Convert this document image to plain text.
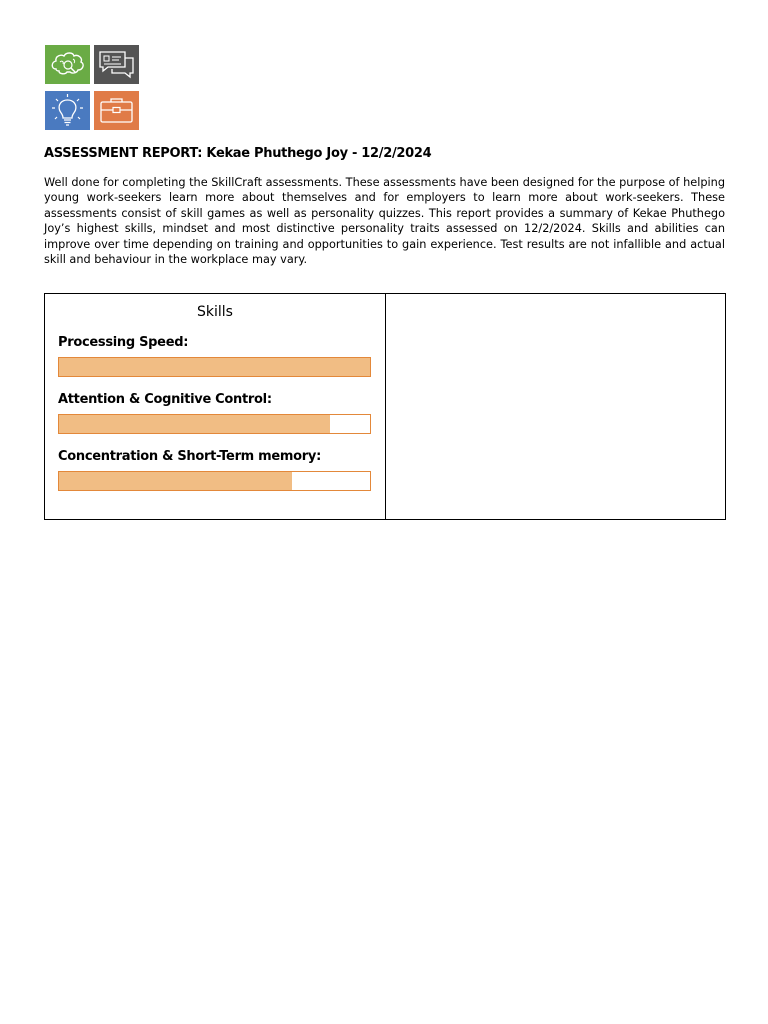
ASSESSMENT REPORT: Kekae Phuthego Joy - 12/2/2024

Well done for completing the SkillCraft assessments. These assessments have been designed for the purpose of helping young work-seekers learn more about themselves and for employers to learn more about work-seekers. These assessments consist of skill games as well as personality quizzes. This report provides a summary of Kekae Phuthego Joy’s highest skills, mindset and most distinctive personality traits assessed on 12/2/2024. Skills and abilities can improve over time depending on training and opportunities to gain experience. Test results are not infallible and actual skill and behaviour in the workplace may vary.

Skills
Processing Speed:
Attention & Cognitive Control:
Concentration & Short-Term memory:
